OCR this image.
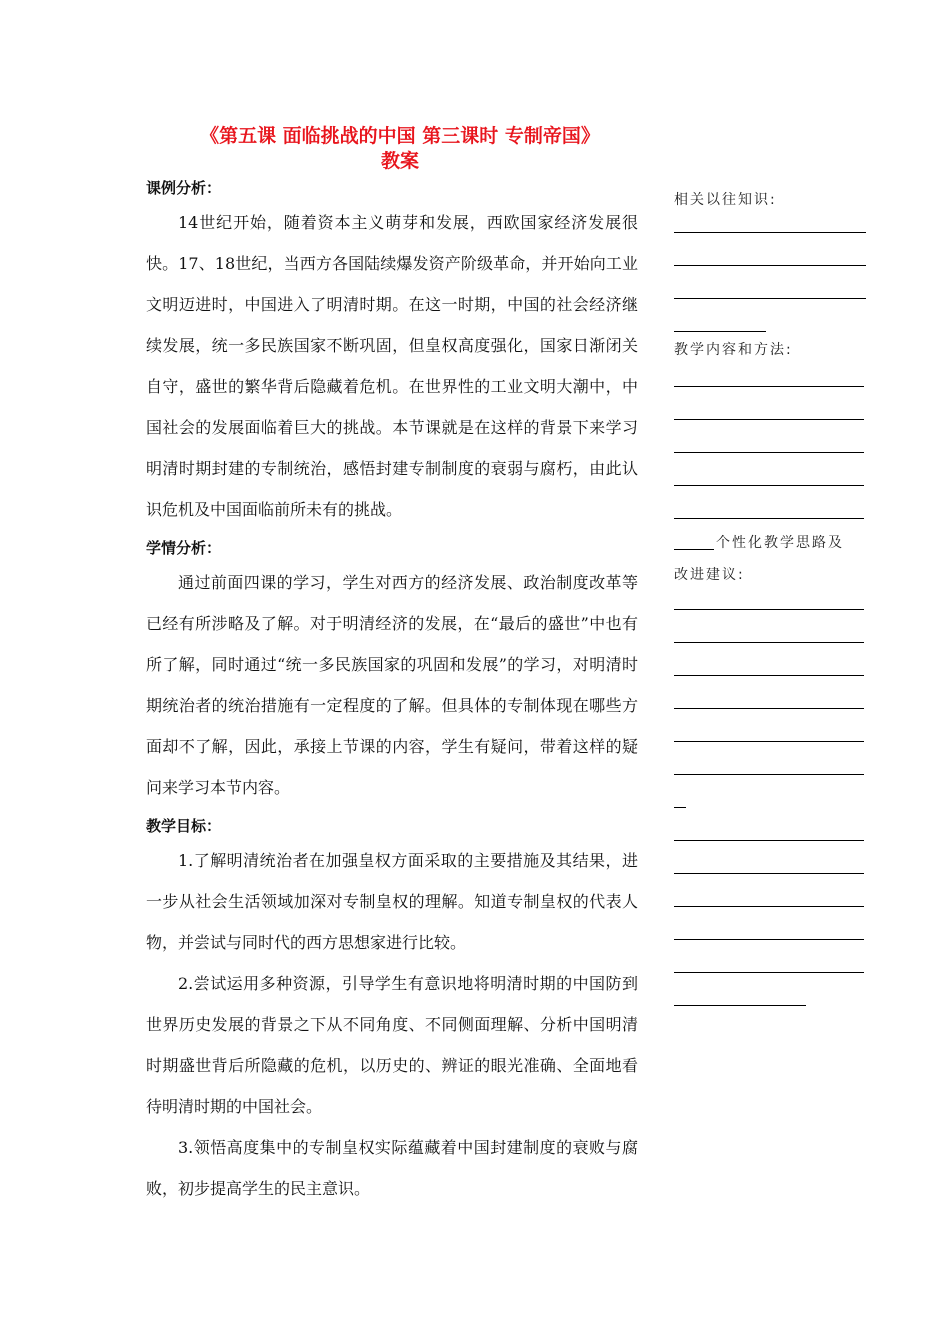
《第五课 面临挑战的中国 第三课时 专制帝国》
教案

课例分析：

14世纪开始，随着资本主义萌芽和发展，西欧国家经济发展很快。17、18世纪，当西方各国陆续爆发资产阶级革命，并开始向工业文明迈进时，中国进入了明清时期。在这一时期，中国的社会经济继续发展，统一多民族国家不断巩固，但皇权高度强化，国家日渐闭关自守，盛世的繁华背后隐藏着危机。在世界性的工业文明大潮中，中国社会的发展面临着巨大的挑战。本节课就是在这样的背景下来学习明清时期封建的专制统治，感悟封建专制制度的衰弱与腐朽，由此认识危机及中国面临前所未有的挑战。

学情分析：

通过前面四课的学习，学生对西方的经济发展、政治制度改革等已经有所涉略及了解。对于明清经济的发展，在“最后的盛世”中也有所了解，同时通过“统一多民族国家的巩固和发展”的学习，对明清时期统治者的统治措施有一定程度的了解。但具体的专制体现在哪些方面却不了解，因此，承接上节课的内容，学生有疑问，带着这样的疑问来学习本节内容。

教学目标：

1.了解明清统治者在加强皇权方面采取的主要措施及其结果，进一步从社会生活领域加深对专制皇权的理解。知道专制皇权的代表人物，并尝试与同时代的西方思想家进行比较。

2.尝试运用多种资源，引导学生有意识地将明清时期的中国防到世界历史发展的背景之下从不同角度、不同侧面理解、分析中国明清时期盛世背后所隐藏的危机，以历史的、辨证的眼光准确、全面地看待明清时期的中国社会。

3.领悟高度集中的专制皇权实际蕴藏着中国封建制度的衰败与腐败，初步提高学生的民主意识。

相关以往知识:

教学内容和方法:

个性化教学思路及

改进建议:
